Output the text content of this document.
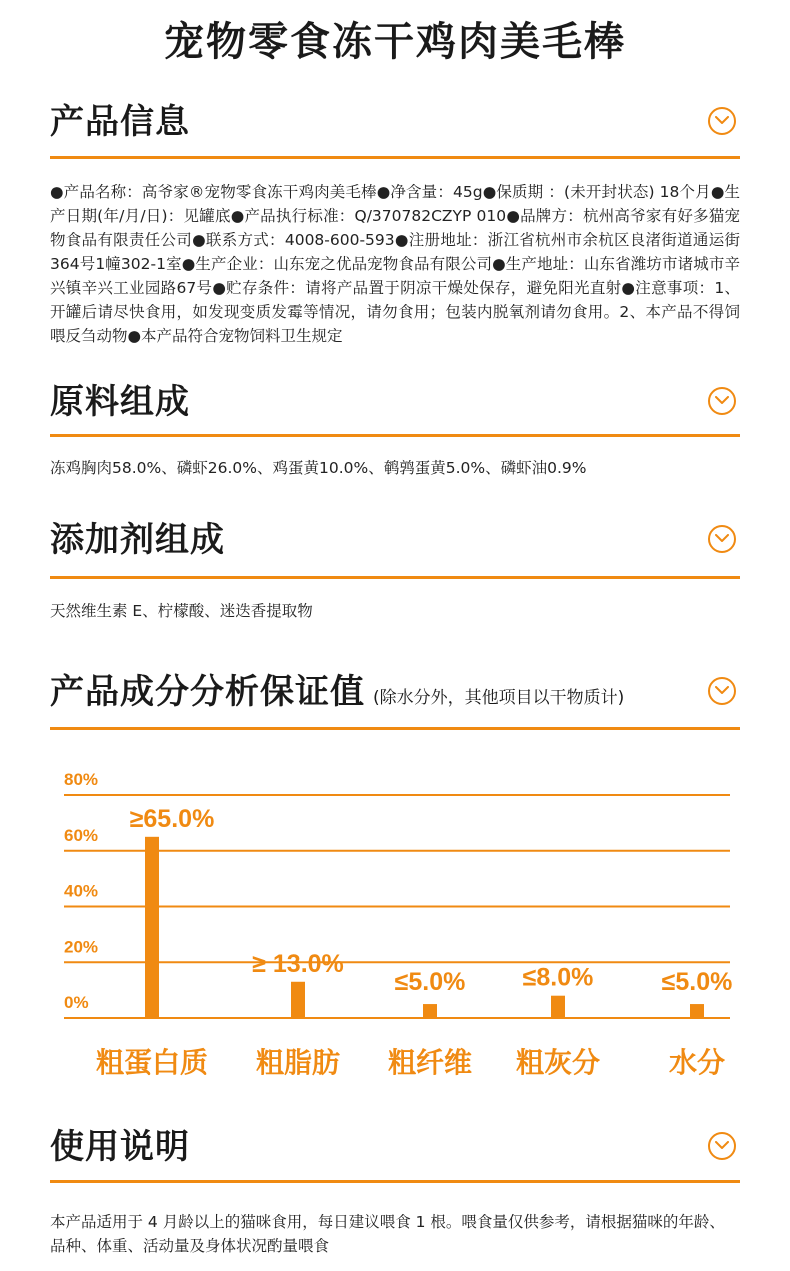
宠物零食冻干鸡肉美毛棒
产品信息
●产品名称：高爷家®宠物零食冻干鸡肉美毛棒●净含量：45g●保质期 ：(未开封状态) 18个月●生产日期(年/月/日)：见罐底●产品执行标准：Q/370782CZYP 010●品牌方：杭州高爷家有好多猫宠物食品有限责任公司●联系方式：4008-600-593●注册地址：浙江省杭州市余杭区良渚街道通运街364号1幢302-1室●生产企业：山东宠之优品宠物食品有限公司●生产地址：山东省潍坊市诸城市辛兴镇辛兴工业园路67号●贮存条件：请将产品置于阴凉干燥处保存，避免阳光直射●注意事项：1、开罐后请尽快食用，如发现变质发霉等情况，请勿食用；包装内脱氧剂请勿食用。2、本产品不得饲喂反刍动物●本产品符合宠物饲料卫生规定
原料组成
冻鸡胸肉58.0%、磷虾26.0%、鸡蛋黄10.0%、鹌鹑蛋黄5.0%、磷虾油0.9%
添加剂组成
天然维生素 E、柠檬酸、迷迭香提取物
产品成分分析保证值 (除水分外，其他项目以干物质计)
80%
60%
40%
20%
0%
≥65.0%
粗蛋白质
≥ 13.0%
粗脂肪
≤5.0%
粗纤维
≤8.0%
粗灰分
≤5.0%
水分
使用说明
本产品适用于 4 月龄以上的猫咪食用，每日建议喂食 1 根。喂食量仅供参考，请根据猫咪的年龄、品种、体重、活动量及身体状况酌量喂食
